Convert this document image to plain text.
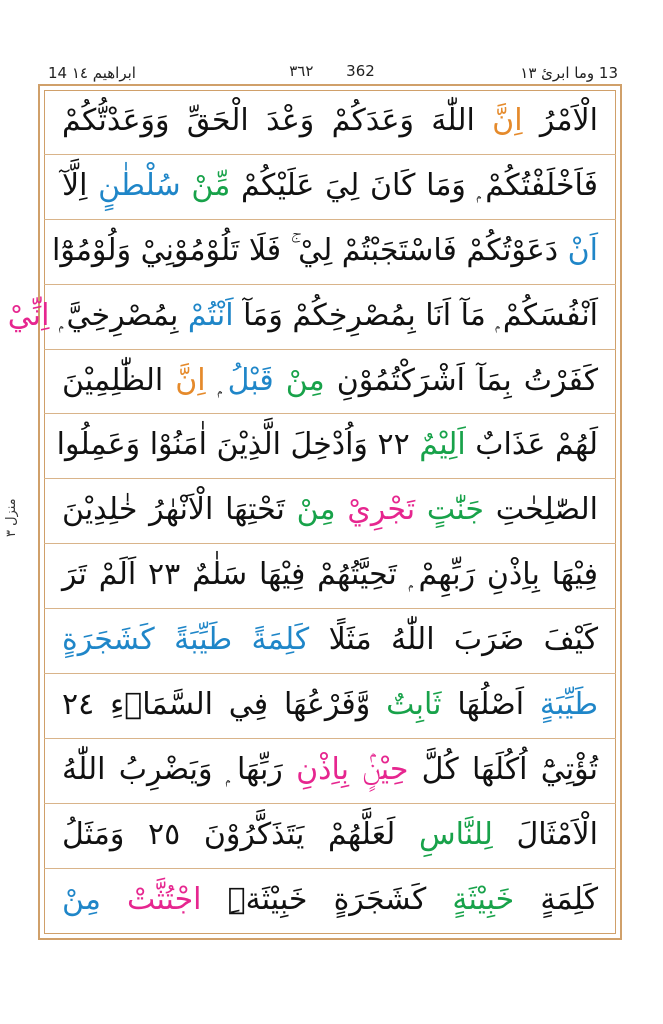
14 ابراهيم ١٤	٣٦٢ 362	13 وما ابرئ ١٣
منزل ٣
الْاَمْرُ اِنَّ اللّٰهَ وَعَدَكُمْ وَعْدَ الْحَقِّ وَوَعَدْتُّكُمْ
فَاَخْلَفْتُكُمْ ۭ وَمَا كَانَ لِيَ عَلَيْكُمْ مِّنْ سُلْطٰنٍ اِلَّآ
اَنْ دَعَوْتُكُمْ فَاسْتَجَبْتُمْ لِيْ ۚ فَلَا تَلُوْمُوْنِيْ وَلُوْمُوْٓا
اَنْفُسَكُمْ ۭ مَآ اَنَا بِمُصْرِخِكُمْ وَمَآ اَنْتُمْ بِمُصْرِخِيَّ ۭ اِنِّيْ
كَفَرْتُ بِمَآ اَشْرَكْتُمُوْنِ مِنْ قَبْلُ اِنَّ الظّٰلِمِيْنَ
لَهُمْ عَذَابٌ اَلِيْمٌ ٢٢ وَاُدْخِلَ الَّذِيْنَ اٰمَنُوْا وَعَمِلُوا
الصّٰلِحٰتِ جَنّٰتٍ تَجْرِيْ مِنْ تَحْتِهَا الْاَنْهٰرُ خٰلِدِيْنَ
فِيْهَا بِاِذْنِ رَبِّهِمْ ۭ تَحِيَّتُهُمْ فِيْهَا سَلٰمٌ ٢٣ اَلَمْ تَرَ
كَيْفَ ضَرَبَ اللّٰهُ مَثَلًا كَلِمَةً طَيِّبَةً كَشَجَرَةٍ
طَيِّبَةٍ اَصْلُهَا ثَابِتٌ وَّفَرْعُهَا فِي السَّمَاۗءِ ٢٤
تُؤْتِيْٓ اُكُلَهَا كُلَّ حِيْنٍۢ بِاِذْنِ رَبِّهَا ۭ وَيَضْرِبُ اللّٰهُ
الْاَمْثَالَ لِلنَّاسِ لَعَلَّهُمْ يَتَذَكَّرُوْنَ ٢٥ وَمَثَلُ
كَلِمَةٍ خَبِيْثَةٍ كَشَجَرَةٍ خَبِيْثَةِۨ اجْتُثَّتْ مِنْ
